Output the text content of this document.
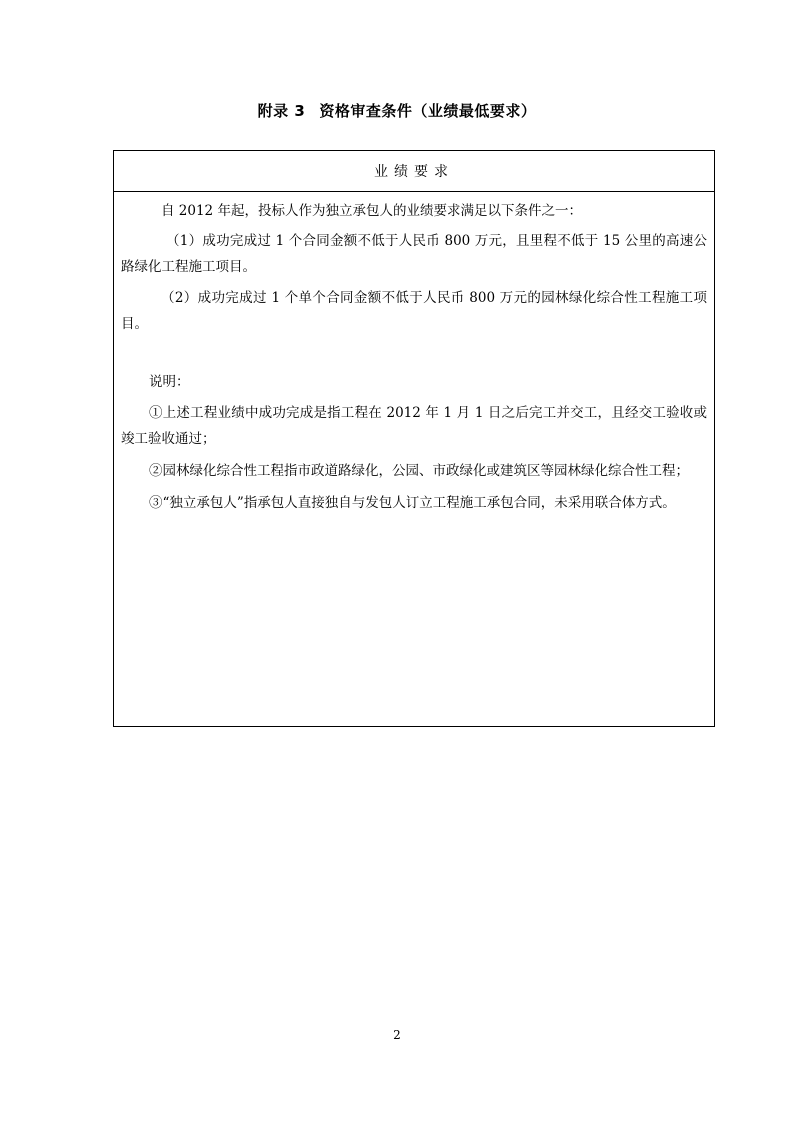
附录 3 资格审查条件（业绩最低要求）
业绩要求

自 2012 年起，投标人作为独立承包人的业绩要求满足以下条件之一：

（1）成功完成过 1 个合同金额不低于人民币 800 万元，且里程不低于 15 公里的高速公路绿化工程施工项目。

（2）成功完成过 1 个单个合同金额不低于人民币 800 万元的园林绿化综合性工程施工项目。

说明：

①上述工程业绩中成功完成是指工程在 2012 年 1 月 1 日之后完工并交工，且经交工验收或竣工验收通过；

②园林绿化综合性工程指市政道路绿化，公园、市政绿化或建筑区等园林绿化综合性工程；

③“独立承包人”指承包人直接独自与发包人订立工程施工承包合同，未采用联合体方式。

2
